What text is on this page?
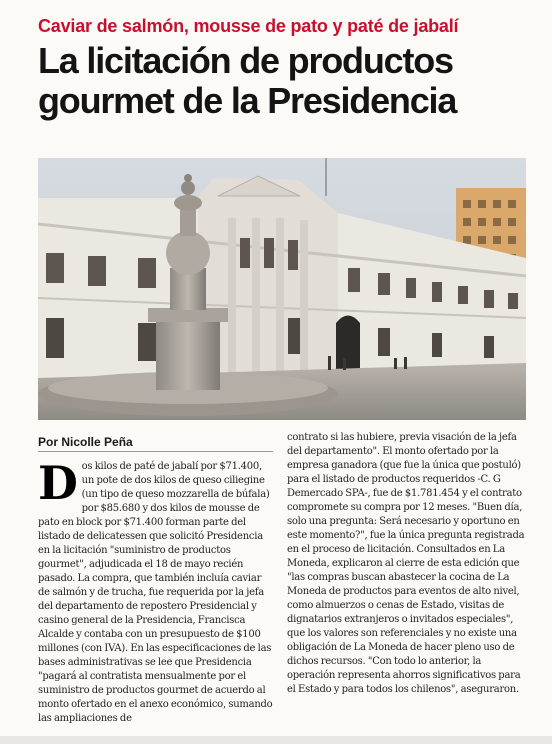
Caviar de salmón, mousse de pato y paté de jabalí
La licitación de productos gourmet de la Presidencia
Por Nicolle Peña

D os kilos de paté de jabalí por $71.400, un pote de dos kilos de queso ciliegine (un tipo de queso mozzarella de búfala) por $85.680 y dos kilos de mousse de pato en block por $71.400 forman parte del listado de delicatessen que solicitó Presidencia en la licitación "suministro de productos gourmet", adjudicada el 18 de mayo recién pasado. La compra, que también incluía caviar de salmón y de trucha, fue requerida por la jefa del departamento de repostero Presidencial y casino general de la Presidencia, Francisca Alcalde y contaba con un presupuesto de $100 millones (con IVA). En las especificaciones de las bases administrativas se lee que Presidencia "pagará al contratista mensualmente por el suministro de productos gourmet de acuerdo al monto ofertado en el anexo económico, sumando las ampliaciones de

contrato si las hubiere, previa visación de la jefa del departamento". El monto ofertado por la empresa ganadora (que fue la única que postuló) para el listado de productos requeridos -C. G Demercado SPA-, fue de $1.781.454 y el contrato compromete su compra por 12 meses. "Buen día, solo una pregunta: Será necesario y oportuno en este momento?", fue la única pregunta registrada en el proceso de licitación. Consultados en La Moneda, explicaron al cierre de esta edición que "las compras buscan abastecer la cocina de La Moneda de productos para eventos de alto nivel, como almuerzos o cenas de Estado, visitas de dignatarios extranjeros o invitados especiales", que los valores son referenciales y no existe una obligación de La Moneda de hacer pleno uso de dichos recursos. "Con todo lo anterior, la operación representa ahorros significativos para el Estado y para todos los chilenos", aseguraron.
